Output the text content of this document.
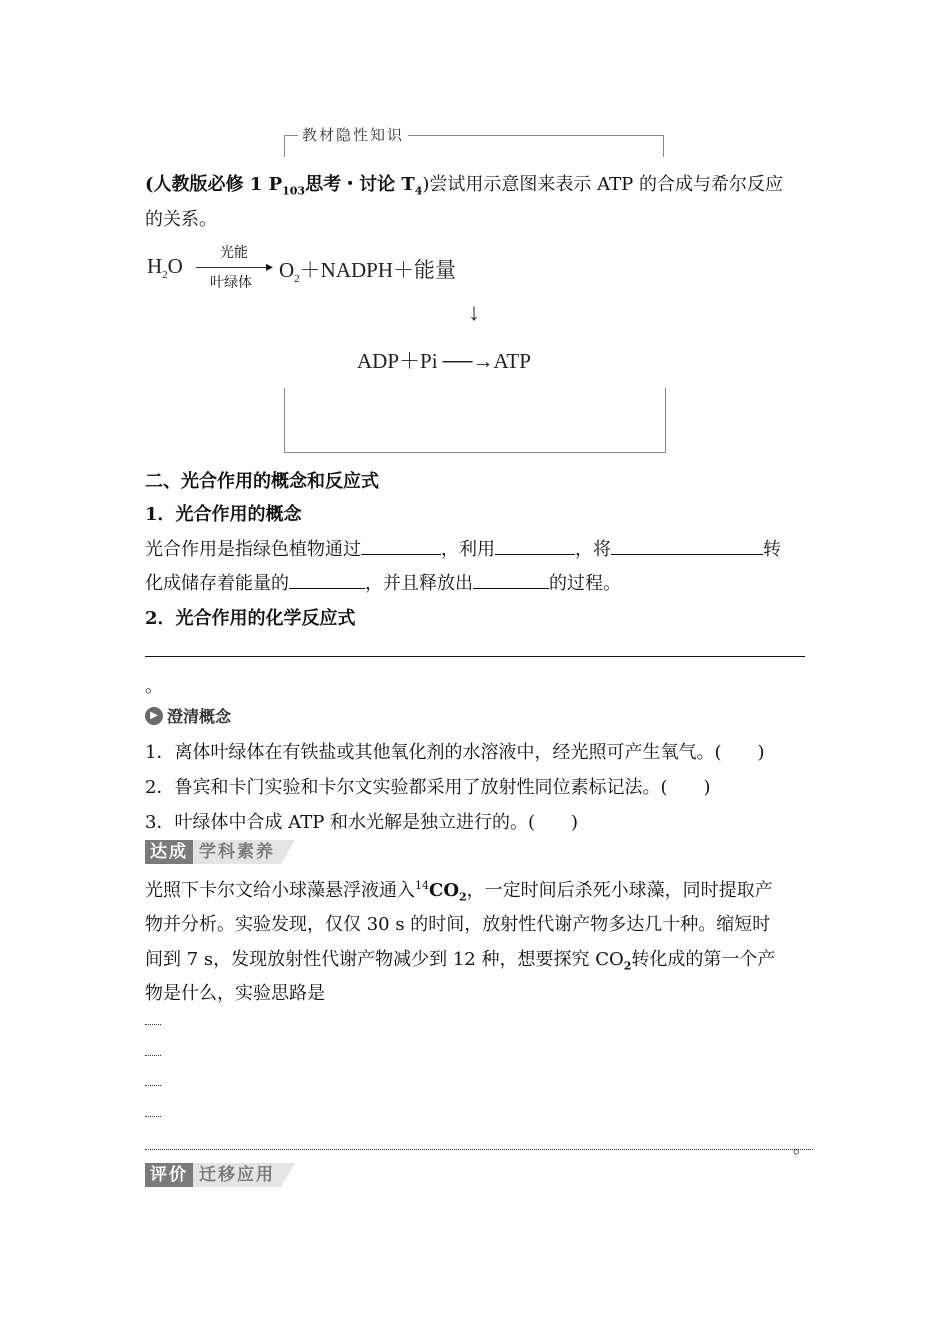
教材隐性知识
(人教版必修 1 $P_{103}$思考・讨论 $T_4$)尝试用示意图来表示 ATP 的合成与希尔反应
的关系。
$H_2O$
光能
▸
叶绿体
$O_2+NADPH+$能量
↓
ADP＋Pi ──→ATP
二、光合作用的概念和反应式
1．光合作用的概念
光合作用是指绿色植物通过	，利用	，将	转
化成储存着能量的	，并且释放出	的过程。
2．光合作用的化学反应式
。
▶ 澄清概念
1．离体叶绿体在有铁盐或其他氧化剂的水溶液中，经光照可产生氧气。(　　)
2．鲁宾和卡门实验和卡尔文实验都采用了放射性同位素标记法。(　　)
3．叶绿体中合成 ATP 和水光解是独立进行的。(　　)
达成 学科素养
光照下卡尔文给小球藻悬浮液通入$^{14}CO_2$，一定时间后杀死小球藻，同时提取产
物并分析。实验发现，仅仅 30 s 的时间，放射性代谢产物多达几十种。缩短时
间到 7 s，发现放射性代谢产物减少到 12 种，想要探究 $CO_2$转化成的第一个产
物是什么，实验思路是
。
评价 迁移应用
